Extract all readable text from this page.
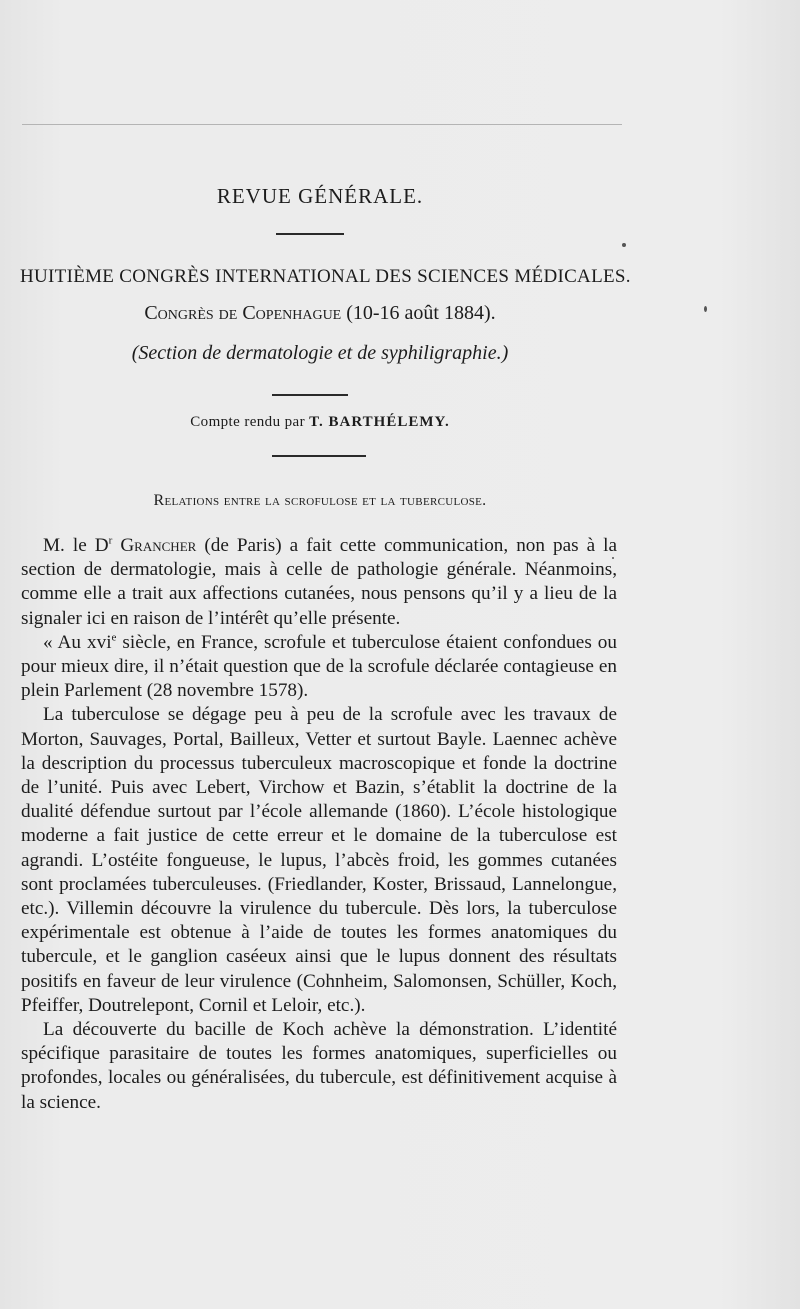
REVUE GÉNÉRALE.
HUITIÈME CONGRÈS INTERNATIONAL DES SCIENCES MÉDICALES.
Congrès de Copenhague (10-16 août 1884).
(Section de dermatologie et de syphiligraphie.)
Compte rendu par T. BARTHÉLEMY.
Relations entre la scrofulose et la tuberculose.

M. le $D^r$ Grancher (de Paris) a fait cette communication, non pas à la section de dermatologie, mais à celle de pathologie générale. Néanmoins, comme elle a trait aux affections cutanées, nous pensons qu’il y a lieu de la signaler ici en raison de l’intérêt qu’elle présente.

« Au xvi$^e$ siècle, en France, scrofule et tuberculose étaient confondues ou pour mieux dire, il n’était question que de la scrofule déclarée contagieuse en plein Parlement (28 novembre 1578).

La tuberculose se dégage peu à peu de la scrofule avec les travaux de Morton, Sauvages, Portal, Bailleux, Vetter et surtout Bayle. Laennec achève la description du processus tuberculeux macroscopique et fonde la doctrine de l’unité. Puis avec Lebert, Virchow et Bazin, s’établit la doctrine de la dualité défendue surtout par l’école allemande (1860). L’école histologique moderne a fait justice de cette erreur et le domaine de la tuberculose est agrandi. L’ostéite fongueuse, le lupus, l’abcès froid, les gommes cutanées sont proclamées tuberculeuses. (Friedlander, Koster, Brissaud, Lannelongue, etc.). Villemin découvre la virulence du tubercule. Dès lors, la tuberculose expérimentale est obtenue à l’aide de toutes les formes anatomiques du tubercule, et le ganglion caséeux ainsi que le lupus donnent des résultats positifs en faveur de leur virulence (Cohnheim, Salomonsen, Schüller, Koch, Pfeiffer, Doutrelepont, Cornil et Leloir, etc.).

La découverte du bacille de Koch achève la démonstration. L’identité spécifique parasitaire de toutes les formes anatomiques, superficielles ou profondes, locales ou généralisées, du tubercule, est définitivement acquise à la science.
